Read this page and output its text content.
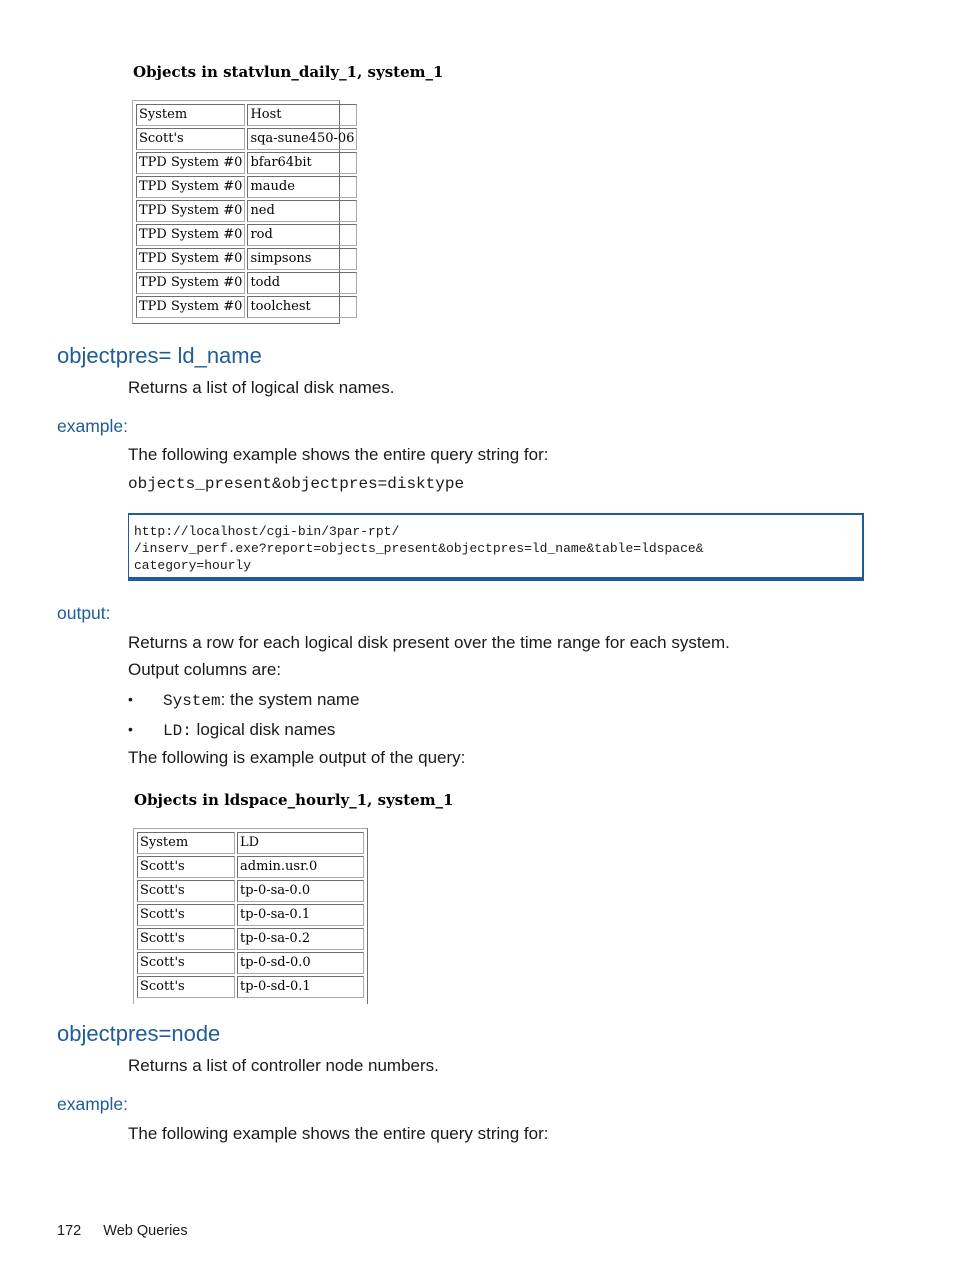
Objects in statvlun_daily_1, system_1
System	Host
Scott's	sqa-sune450-06
TPD System #0	bfar64bit
TPD System #0	maude
TPD System #0	ned
TPD System #0	rod
TPD System #0	simpsons
TPD System #0	todd
TPD System #0	toolchest
objectpres= ld_name
Returns a list of logical disk names.
example:
The following example shows the entire query string for:
objects_present&objectpres=disktype
http://localhost/cgi-bin/3par-rpt/
/inserv_perf.exe?report=objects_present&objectpres=ld_name&table=ldspace&
category=hourly
output:
Returns a row for each logical disk present over the time range for each system.
Output columns are:
• System: the system name
• LD: logical disk names
The following is example output of the query:
Objects in ldspace_hourly_1, system_1
System	LD
Scott's	admin.usr.0
Scott's	tp-0-sa-0.0
Scott's	tp-0-sa-0.1
Scott's	tp-0-sa-0.2
Scott's	tp-0-sd-0.0
Scott's	tp-0-sd-0.1
objectpres=node
Returns a list of controller node numbers.
example:
The following example shows the entire query string for:
172 Web Queries
